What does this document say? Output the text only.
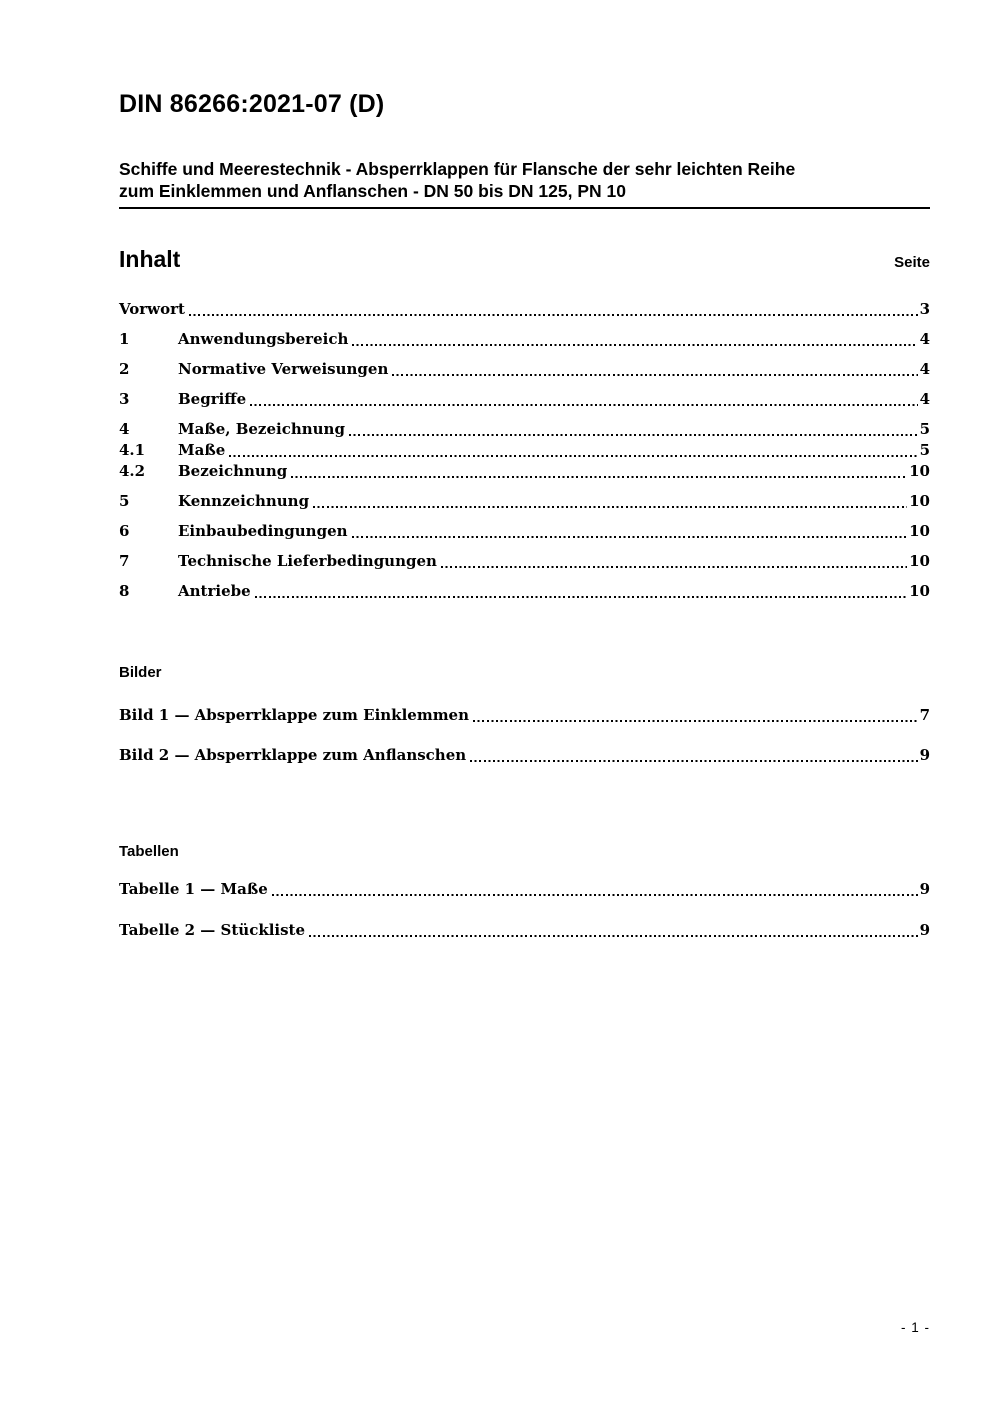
DIN 86266:2021-07 (D)
Schiffe und Meerestechnik - Absperrklappen für Flansche der sehr leichten Reihe
zum Einklemmen und Anflanschen - DN 50 bis DN 125, PN 10
Inhalt	Seite
Vorwort	3
1	Anwendungsbereich	4
2	Normative Verweisungen	4
3	Begriffe	4
4	Maße, Bezeichnung	5
4.1	Maße	5
4.2	Bezeichnung	10
5	Kennzeichnung	10
6	Einbaubedingungen	10
7	Technische Lieferbedingungen	10
8	Antriebe	10
Bilder
Bild 1 — Absperrklappe zum Einklemmen	7
Bild 2 — Absperrklappe zum Anflanschen	9
Tabellen
Tabelle 1 — Maße	9
Tabelle 2 — Stückliste	9
- 1 -
